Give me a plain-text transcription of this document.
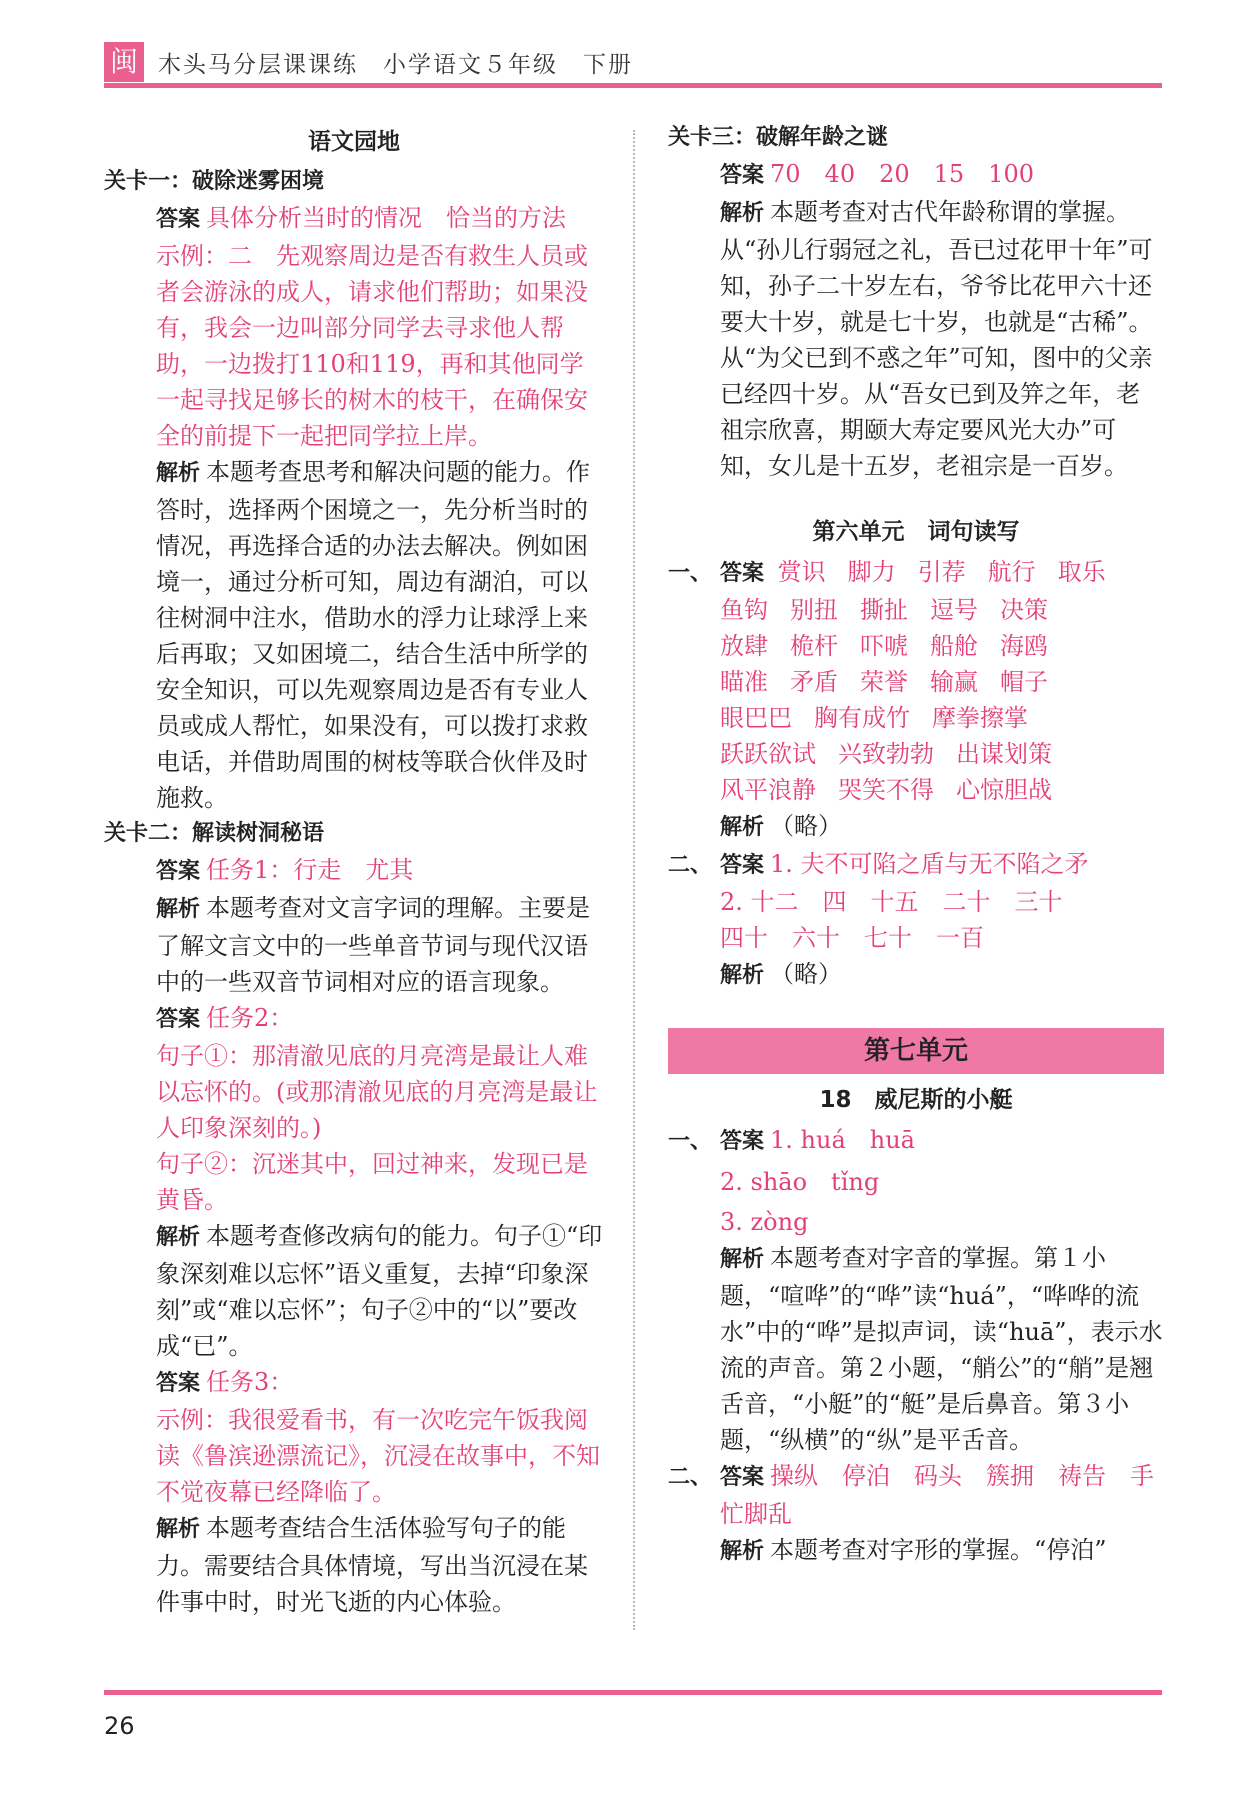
闽 木头马分层课课练　小学语文５年级　下册
语文园地
关卡一：破除迷雾困境

答案 具体分析当时的情况　恰当的方法　示例：二　先观察周边是否有救生人员或者会游泳的成人，请求他们帮助；如果没有，我会一边叫部分同学去寻求他人帮助，一边拨打110和119，再和其他同学一起寻找足够长的树木的枝干，在确保安全的前提下一起把同学拉上岸。

解析 本题考查思考和解决问题的能力。作答时，选择两个困境之一，先分析当时的情况，再选择合适的办法去解决。例如困境一，通过分析可知，周边有湖泊，可以往树洞中注水，借助水的浮力让球浮上来后再取；又如困境二，结合生活中所学的安全知识，可以先观察周边是否有专业人员或成人帮忙，如果没有，可以拨打求救电话，并借助周围的树枝等联合伙伴及时施救。

关卡二：解读树洞秘语

答案 任务1：行走　尤其

解析 本题考查对文言字词的理解。主要是了解文言文中的一些单音节词与现代汉语中的一些双音节词相对应的语言现象。

答案 任务2：

句子①：那清澈见底的月亮湾是最让人难以忘怀的。(或那清澈见底的月亮湾是最让人印象深刻的。)

句子②：沉迷其中，回过神来，发现已是黄昏。

解析 本题考查修改病句的能力。句子①“印象深刻难以忘怀”语义重复，去掉“印象深刻”或“难以忘怀”；句子②中的“以”要改成“已”。

答案 任务3：

示例：我很爱看书，有一次吃完午饭我阅读《鲁滨逊漂流记》，沉浸在故事中，不知不觉夜幕已经降临了。

解析 本题考查结合生活体验写句子的能力。需要结合具体情境，写出当沉浸在某件事中时，时光飞逝的内心体验。

关卡三：破解年龄之谜

答案 70　40　20　15　100

解析 本题考查对古代年龄称谓的掌握。从“孙儿行弱冠之礼，吾已过花甲十年”可知，孙子二十岁左右，爷爷比花甲六十还要大十岁，就是七十岁，也就是“古稀”。从“为父已到不惑之年”可知，图中的父亲已经四十岁。从“吾女已到及笄之年，老祖宗欣喜，期颐大寿定要风光大办”可知，女儿是十五岁，老祖宗是一百岁。

第六单元　词句读写
一、 答案 赏识 脚力 引荐 航行 取乐
鱼钩 别扭 撕扯 逗号 决策
放肆 桅杆 吓唬 船舱 海鸥
瞄准 矛盾 荣誉 输赢 帽子
眼巴巴 胸有成竹 摩拳擦掌
跃跃欲试 兴致勃勃 出谋划策
风平浪静 哭笑不得 心惊胆战

解析 （略）

二、 答案 1. 夫不可陷之盾与无不陷之矛

2. 十二　四　十五　二十　三十

四十　六十　七十　一百

解析 （略）

第七单元
18　威尼斯的小艇

一、 答案 1. huá　huā

2. shāo　tǐng

3. zòng

解析 本题考查对字音的掌握。第１小题，“喧哗”的“哗”读“huá”，“哗哗的流水”中的“哗”是拟声词，读“huā”，表示水流的声音。第２小题，“艄公”的“艄”是翘舌音，“小艇”的“艇”是后鼻音。第３小题，“纵横”的“纵”是平舌音。

二、 答案 操纵　停泊　码头　簇拥　祷告　手忙脚乱

解析 本题考查对字形的掌握。“停泊”

26
